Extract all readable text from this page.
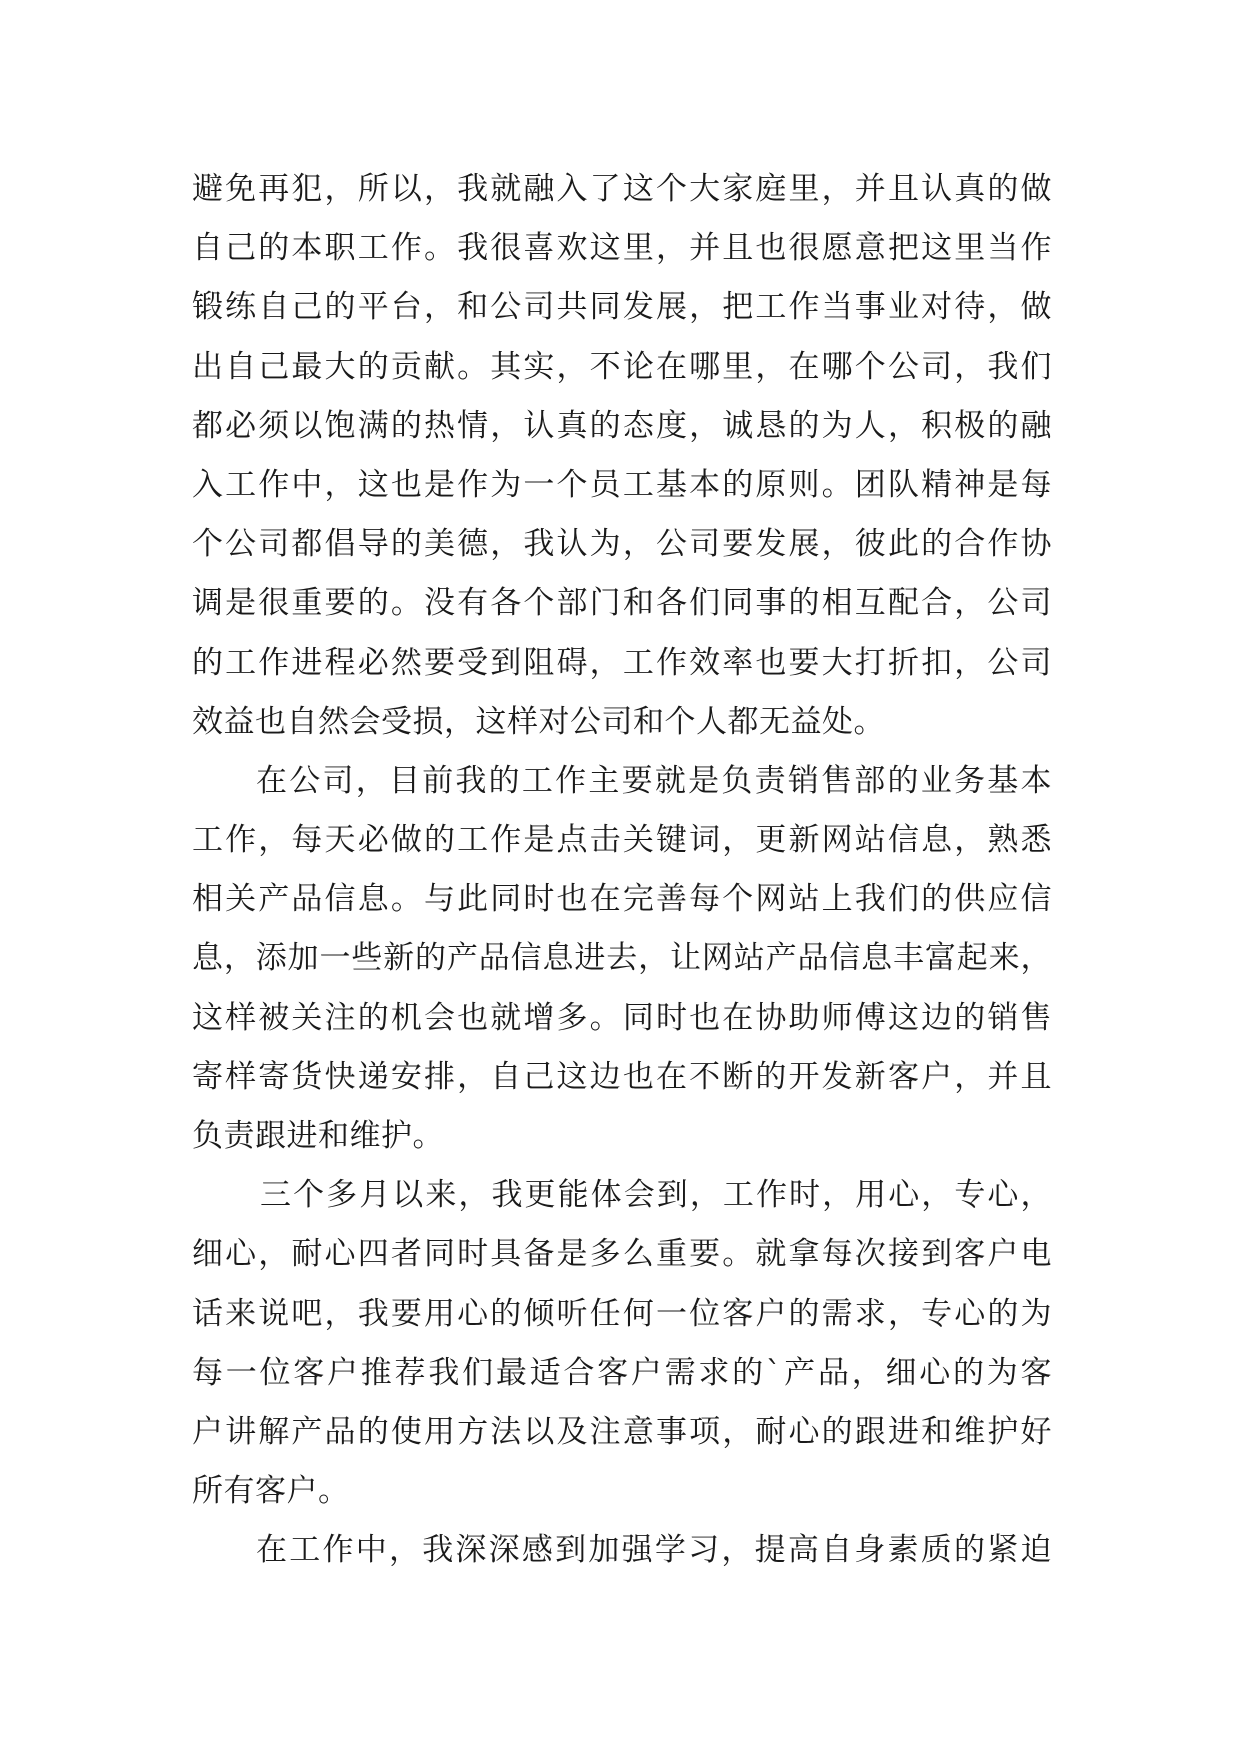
避免再犯，所以，我就融入了这个大家庭里，并且认真的做
自己的本职工作。我很喜欢这里，并且也很愿意把这里当作
锻练自己的平台，和公司共同发展，把工作当事业对待，做
出自己最大的贡献。其实，不论在哪里，在哪个公司，我们
都必须以饱满的热情，认真的态度，诚恳的为人，积极的融
入工作中，这也是作为一个员工基本的原则。团队精神是每
个公司都倡导的美德，我认为，公司要发展，彼此的合作协
调是很重要的。没有各个部门和各们同事的相互配合，公司
的工作进程必然要受到阻碍，工作效率也要大打折扣，公司
效益也自然会受损，这样对公司和个人都无益处。
在公司，目前我的工作主要就是负责销售部的业务基本
工作，每天必做的工作是点击关键词，更新网站信息，熟悉
相关产品信息。与此同时也在完善每个网站上我们的供应信
息，添加一些新的产品信息进去，让网站产品信息丰富起来，
这样被关注的机会也就增多。同时也在协助师傅这边的销售
寄样寄货快递安排，自己这边也在不断的开发新客户，并且
负责跟进和维护。
三个多月以来，我更能体会到，工作时，用心，专心，
细心，耐心四者同时具备是多么重要。就拿每次接到客户电
话来说吧，我要用心的倾听任何一位客户的需求，专心的为
每一位客户推荐我们最适合客户需求的`产品，细心的为客
户讲解产品的使用方法以及注意事项，耐心的跟进和维护好
所有客户。
在工作中，我深深感到加强学习，提高自身素质的紧迫
